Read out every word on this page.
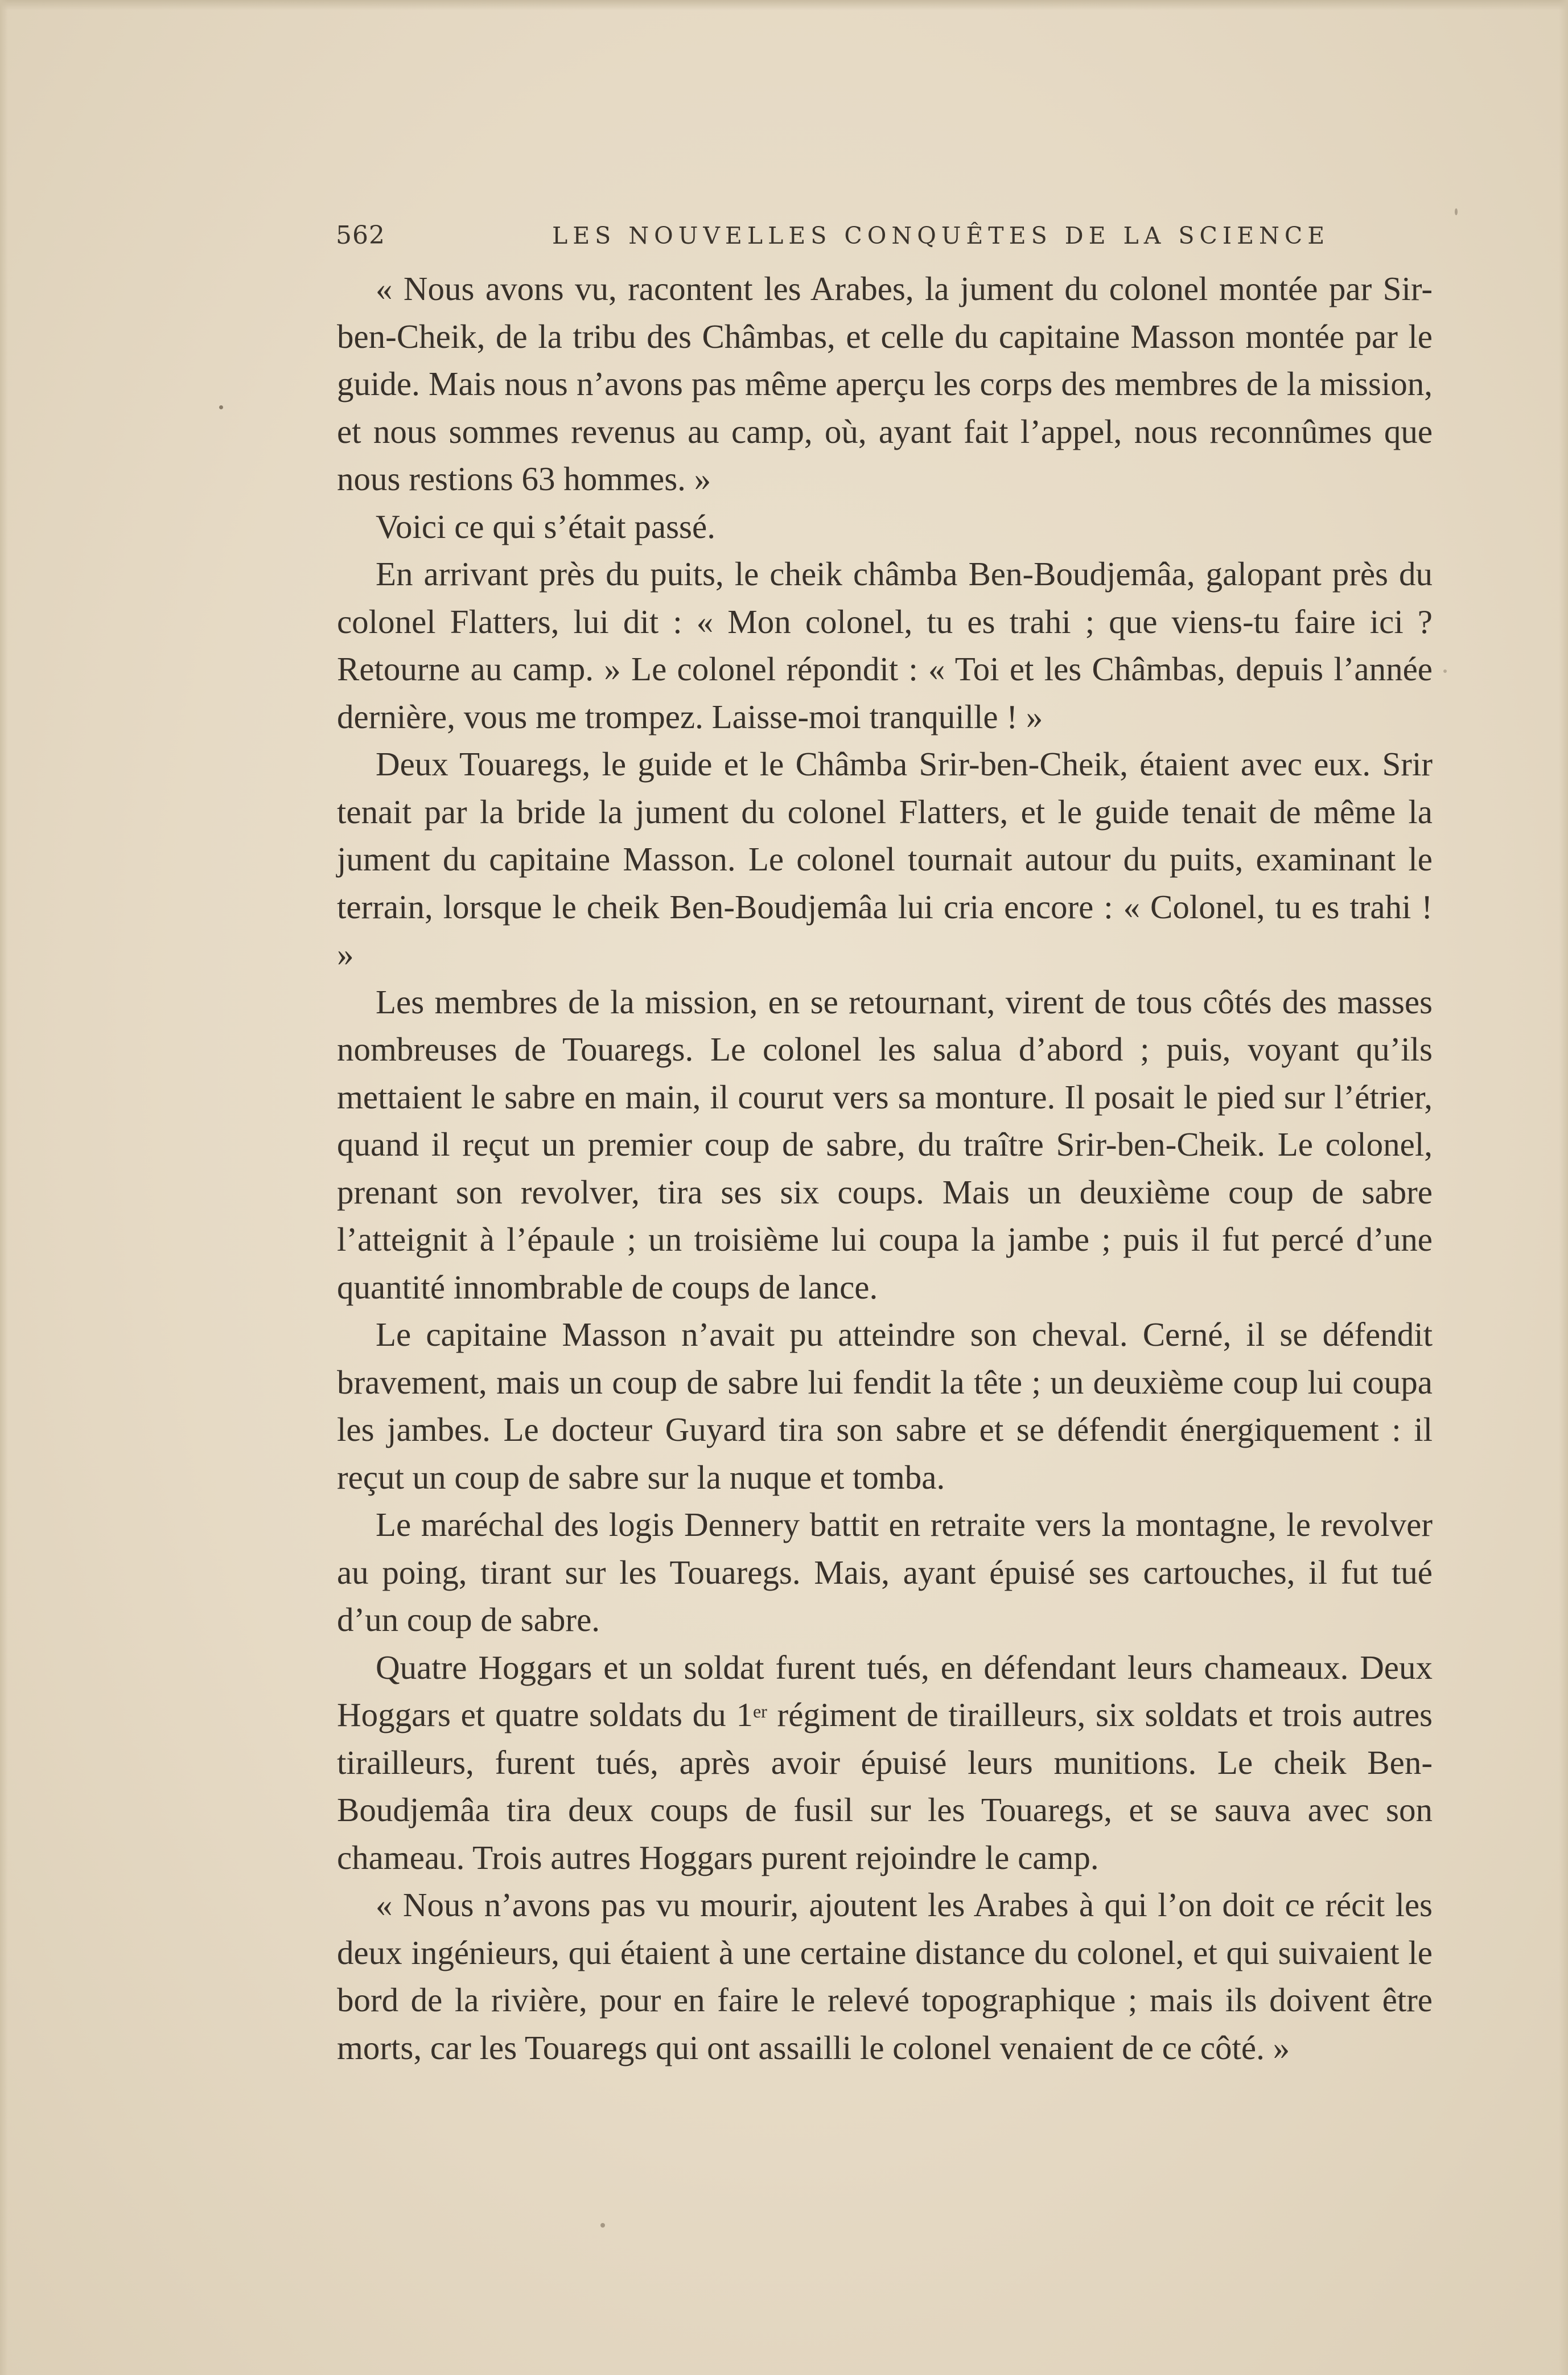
562	LES NOUVELLES CONQUÊTES DE LA SCIENCE

« Nous avons vu, racontent les Arabes, la jument du colonel montée par Sir-ben-Cheik, de la tribu des Châmbas, et celle du capitaine Masson montée par le guide. Mais nous n’avons pas même aperçu les corps des membres de la mission, et nous sommes revenus au camp, où, ayant fait l’appel, nous reconnûmes que nous restions 63 hommes. »

Voici ce qui s’était passé.

En arrivant près du puits, le cheik châmba Ben-Boudjemâa, galopant près du colonel Flatters, lui dit : « Mon colonel, tu es trahi ; que viens-tu faire ici ? Retourne au camp. » Le colonel répondit : « Toi et les Châmbas, depuis l’année dernière, vous me trompez. Laisse-moi tranquille ! »

Deux Touaregs, le guide et le Châmba Srir-ben-Cheik, étaient avec eux. Srir tenait par la bride la jument du colonel Flatters, et le guide tenait de même la jument du capitaine Masson. Le colonel tournait autour du puits, examinant le terrain, lorsque le cheik Ben-Boudjemâa lui cria encore : « Colonel, tu es trahi ! »

Les membres de la mission, en se retournant, virent de tous côtés des masses nombreuses de Touaregs. Le colonel les salua d’abord ; puis, voyant qu’ils mettaient le sabre en main, il courut vers sa monture. Il posait le pied sur l’étrier, quand il reçut un premier coup de sabre, du traître Srir-ben-Cheik. Le colonel, prenant son revolver, tira ses six coups. Mais un deuxième coup de sabre l’atteignit à l’épaule ; un troisième lui coupa la jambe ; puis il fut percé d’une quantité innombrable de coups de lance.

Le capitaine Masson n’avait pu atteindre son cheval. Cerné, il se défendit bravement, mais un coup de sabre lui fendit la tête ; un deuxième coup lui coupa les jambes. Le docteur Guyard tira son sabre et se défendit énergiquement : il reçut un coup de sabre sur la nuque et tomba.

Le maréchal des logis Dennery battit en retraite vers la montagne, le revolver au poing, tirant sur les Touaregs. Mais, ayant épuisé ses cartouches, il fut tué d’un coup de sabre.

Quatre Hoggars et un soldat furent tués, en défendant leurs chameaux. Deux Hoggars et quatre soldats du 1er régiment de tirailleurs, six soldats et trois autres tirailleurs, furent tués, après avoir épuisé leurs munitions. Le cheik Ben-Boudjemâa tira deux coups de fusil sur les Touaregs, et se sauva avec son chameau. Trois autres Hoggars purent rejoindre le camp.

« Nous n’avons pas vu mourir, ajoutent les Arabes à qui l’on doit ce récit les deux ingénieurs, qui étaient à une certaine distance du colonel, et qui suivaient le bord de la rivière, pour en faire le relevé topographique ; mais ils doivent être morts, car les Touaregs qui ont assailli le colonel venaient de ce côté. »
